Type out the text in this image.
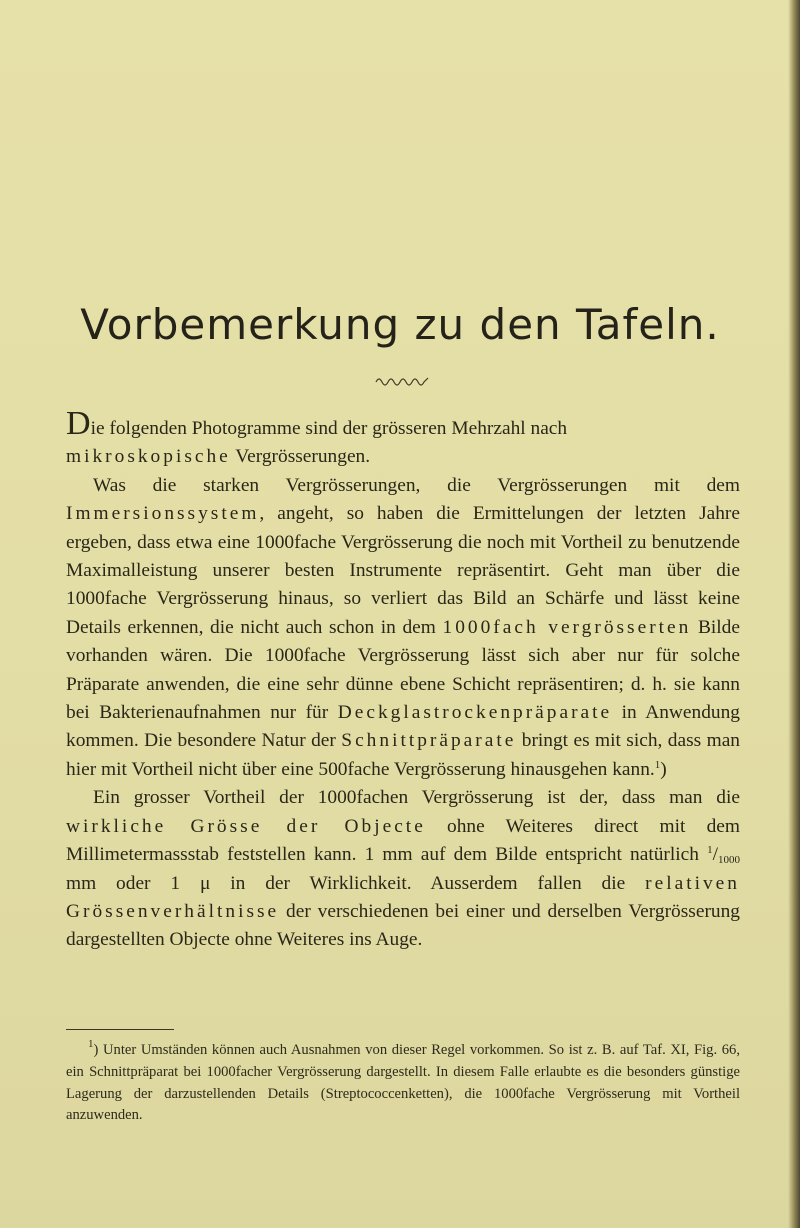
Vorbemerkung zu den Tafeln.

Die folgenden Photogramme sind der grösseren Mehrzahl nach
mikroskopische Vergrösserungen.

Was die starken Vergrösserungen, die Vergrösserungen mit dem Immersionssystem, angeht, so haben die Ermittelungen der letzten Jahre ergeben, dass etwa eine 1000fache Vergrösserung die noch mit Vortheil zu benutzende Maximalleistung unserer besten Instrumente repräsentirt. Geht man über die 1000fache Vergrösserung hinaus, so verliert das Bild an Schärfe und lässt keine Details erkennen, die nicht auch schon in dem 1000fach vergrösserten Bilde vorhanden wären. Die 1000fache Vergrösserung lässt sich aber nur für solche Präparate anwenden, die eine sehr dünne ebene Schicht repräsentiren; d. h. sie kann bei Bakterienaufnahmen nur für Deckglastrockenpräparate in Anwendung kommen. Die besondere Natur der Schnittpräparate bringt es mit sich, dass man hier mit Vortheil nicht über eine 500fache Vergrösserung hinausgehen kann.$^1$)

Ein grosser Vortheil der 1000fachen Vergrösserung ist der, dass man die wirkliche Grösse der Objecte ohne Weiteres direct mit dem Millimetermassstab feststellen kann. 1 mm auf dem Bilde entspricht natürlich $^1/_{1000}$ mm oder 1 μ in der Wirklichkeit. Ausserdem fallen die relativen Grössenverhältnisse der verschiedenen bei einer und derselben Vergrösserung dargestellten Objecte ohne Weiteres ins Auge.

$^1$) Unter Umständen können auch Ausnahmen von dieser Regel vorkommen. So ist z. B. auf Taf. XI, Fig. 66, ein Schnittpräparat bei 1000facher Vergrösserung dargestellt. In diesem Falle erlaubte es die besonders günstige Lagerung der darzustellenden Details (Streptococcenketten), die 1000fache Vergrösserung mit Vortheil anzuwenden.
